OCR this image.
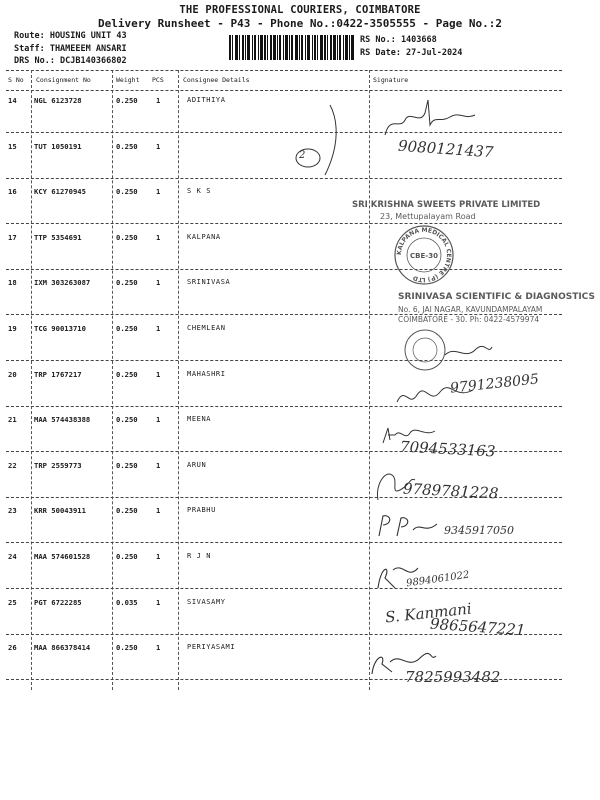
THE PROFESSIONAL COURIERS, COIMBATORE
Delivery Runsheet - P43 - Phone No.:0422-3505555 - Page No.:2
Route: HOUSING UNIT 43
Staff: THAMEEEM ANSARI
DRS No.: DCJB140366802
RS No.: 1403668
RS Date: 27-Jul-2024
S No Consignment No	Weight PCS	Consignee Details	Signature
14 NGL 6123728	0.250	1	ADITHIYA
15 TUT 1050191	0.250	1
16 KCY 61270945	0.250	1	S K S
17 TTP 5354691	0.250	1	KALPANA
18 IXM 303263087	0.250	1	SRINIVASA
19 TCG 90013710	0.250	1	CHEMLEAN
20 TRP 1767217	0.250	1	MAHASHRI
21 MAA 574438388	0.250	1	MEENA
22 TRP 2559773	0.250	1	ARUN
23 KRR 50043911	0.250	1	PRABHU
24 MAA 574601528	0.250	1	R J N
25 PGT 6722285	0.035	1	SIVASAMY
26 MAA 866378414	0.250	1	PERIYASAMI
9080121437
2
SRI KRISHNA SWEETS PRIVATE LIMITED
23, Mettupalayam Road
KALPANA MEDICAL CENTRE (P) LTD
CBE-30
SRINIVASA SCIENTIFIC & DIAGNOSTICS
No. 6, JAI NAGAR, KAVUNDAMPALAYAM
COIMBATORE - 30. Ph: 0422-4579974
9791238095
7094533163
9789781228
9345917050
9894061022
S. Kanmani
9865647221
7825993482
